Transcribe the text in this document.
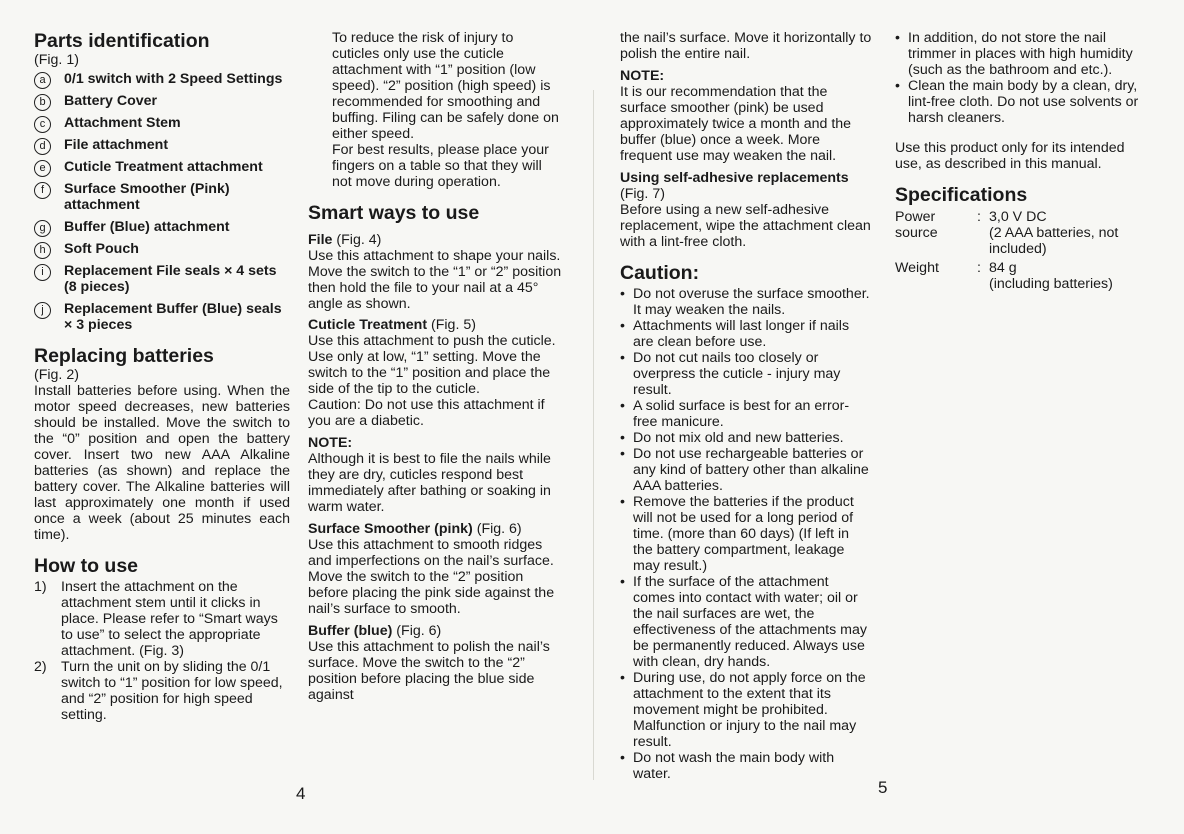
Parts identification
(Fig. 1)
a	0/1 switch with 2 Speed Settings
b	Battery Cover
c	Attachment Stem
d	File attachment
e	Cuticle Treatment attachment
f	Surface Smoother (Pink) attachment
g	Buffer (Blue) attachment
h	Soft Pouch
i	Replacement File seals × 4 sets (8 pieces)
j	Replacement Buffer (Blue) seals × 3 pieces
Replacing batteries
(Fig. 2)
Install batteries before using. When the motor speed decreases, new batteries should be installed. Move the switch to the “0” position and open the battery cover. Insert two new AAA Alkaline batteries (as shown) and replace the battery cover. The Alkaline batteries will last approximately one month if used once a week (about 25 minutes each time).
How to use
1) Insert the attachment on the attachment stem until it clicks in place. Please refer to “Smart ways to use” to select the appropriate attachment. (Fig. 3)
2) Turn the unit on by sliding the 0/1 switch to “1” position for low speed, and “2” position for high speed setting.
To reduce the risk of injury to cuticles only use the cuticle attachment with “1” position (low speed). “2” position (high speed) is recommended for smoothing and buffing. Filing can be safely done on either speed.
For best results, please place your fingers on a table so that they will not move during operation.
Smart ways to use
File (Fig. 4)
Use this attachment to shape your nails. Move the switch to the “1” or “2” position then hold the file to your nail at a 45° angle as shown.
Cuticle Treatment (Fig. 5)
Use this attachment to push the cuticle. Use only at low, “1” setting. Move the switch to the “1” position and place the side of the tip to the cuticle.
Caution: Do not use this attachment if you are a diabetic.
NOTE:
Although it is best to file the nails while they are dry, cuticles respond best immediately after bathing or soaking in warm water.
Surface Smoother (pink) (Fig. 6)
Use this attachment to smooth ridges and imperfections on the nail’s surface. Move the switch to the “2” position before placing the pink side against the nail’s surface to smooth.
Buffer (blue) (Fig. 6)
Use this attachment to polish the nail’s surface. Move the switch to the “2” position before placing the blue side against
4
the nail’s surface. Move it horizontally to polish the entire nail.
NOTE:
It is our recommendation that the surface smoother (pink) be used approximately twice a month and the buffer (blue) once a week. More frequent use may weaken the nail.
Using self-adhesive replacements
(Fig. 7)
Before using a new self-adhesive replacement, wipe the attachment clean with a lint-free cloth.
Caution:
• Do not overuse the surface smoother. It may weaken the nails.
• Attachments will last longer if nails are clean before use.
• Do not cut nails too closely or overpress the cuticle - injury may result.
• A solid surface is best for an error-free manicure.
• Do not mix old and new batteries.
• Do not use rechargeable batteries or any kind of battery other than alkaline AAA batteries.
• Remove the batteries if the product will not be used for a long period of time. (more than 60 days) (If left in the battery compartment, leakage may result.)
• If the surface of the attachment comes into contact with water; oil or the nail surfaces are wet, the effectiveness of the attachments may be permanently reduced. Always use with clean, dry hands.
• During use, do not apply force on the attachment to the extent that its movement might be prohibited. Malfunction or injury to the nail may result.
• Do not wash the main body with water.
• In addition, do not store the nail trimmer in places with high humidity (such as the bathroom and etc.).
• Clean the main body by a clean, dry, lint-free cloth. Do not use solvents or harsh cleaners.
Use this product only for its intended use, as described in this manual.
Specifications
Power source
: 3,0 V DC
(2 AAA batteries, not included)
Weight	: 84 g
(including batteries)
5
